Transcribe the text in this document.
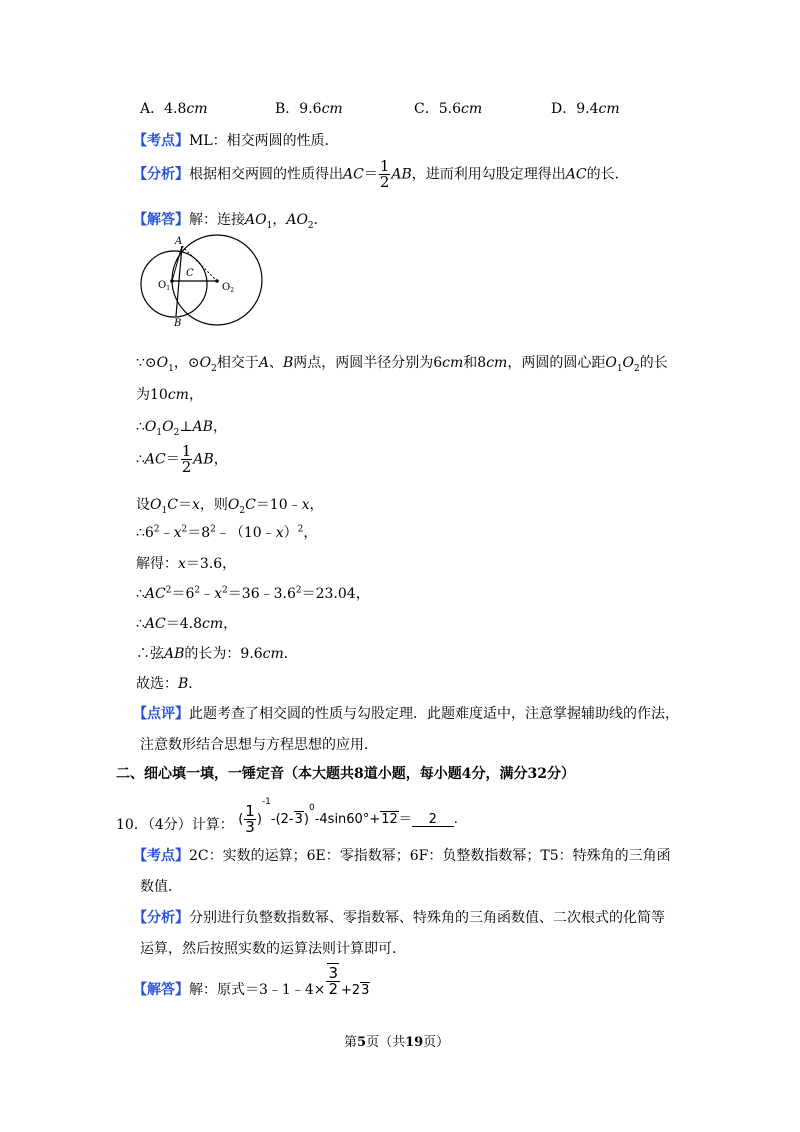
A．4.8cm	B．9.6cm	C．5.6cm	D．9.4cm
【考点】ML：相交两圆的性质．
【分析】根据相交两圆的性质得出$AC= \frac{1}{2}$ AB，进而利用勾股定理得出AC的长．
【解答】解：连接$AO_1$，$AO_2$．
A
B
C
$O_1$	$O_2$
$\because⊙O_1$，$⊙O_2$相交于A、B两点，两圆半径分别为6cm和8cm，两圆的圆心距$O_1O_2$的长
为10cm，
$\therefore O_1O_2\perp AB$，
∴AC＝ $\frac{1}{2}$ AB，
设$O_1C=x$，则$O_2C=10﹣x$，
$\therefore 6^2﹣x^2=8^2﹣(10﹣x)^2$，
解得：x＝3.6，
$\therefore AC^2=6^2﹣x^2=36﹣3.6^2=23.04$，
∴AC＝4.8cm，
∴弦AB的长为：9.6cm．
故选：B．
【点评】此题考查了相交圆的性质与勾股定理．此题难度适中，注意掌握辅助线的作法，
注意数形结合思想与方程思想的应用．
二、细心填一填，一锤定音（本大题共8道小题，每小题4分，满分32分）
10．（4分）计算： ( $\frac{1}{3} )^{-1}-(2-3)^0-4\sin 60^\circ+12= 2$ .
【考点】2C：实数的运算；6E：零指数幂；6F：负整数指数幂；T5：特殊角的三角函
数值．
【分析】分别进行负整数指数幂、零指数幂、特殊角的三角函数值、二次根式的化简等
运算，然后按照实数的运算法则计算即可．
【解答】解：原式＝3﹣1﹣4× $\frac{3}{2} +23$
第5页（共19页）
